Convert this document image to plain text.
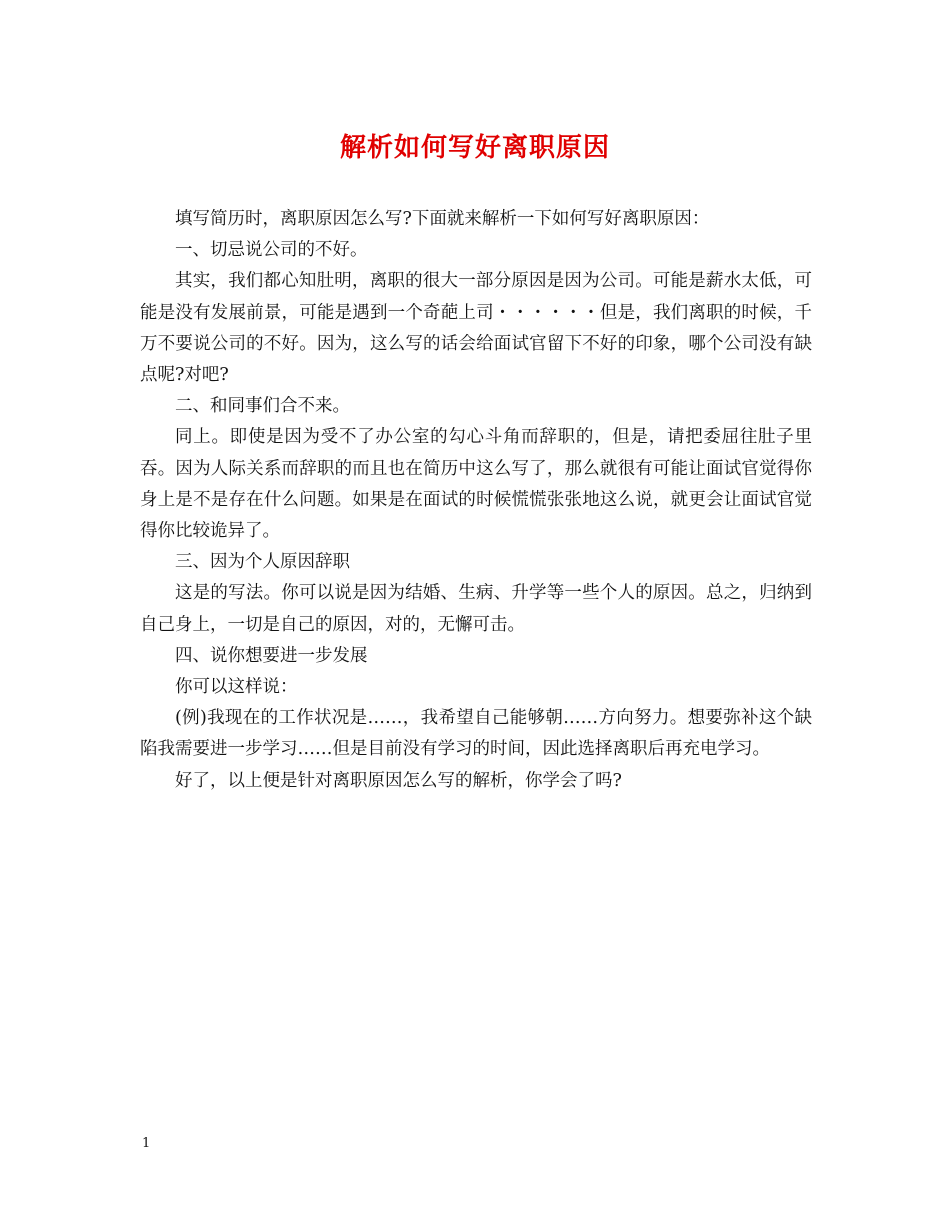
解析如何写好离职原因

填写简历时，离职原因怎么写?下面就来解析一下如何写好离职原因：

一、切忌说公司的不好。

其实，我们都心知肚明，离职的很大一部分原因是因为公司。可能是薪水太低，可能是没有发展前景，可能是遇到一个奇葩上司・・・・・・但是，我们离职的时候，千万不要说公司的不好。因为，这么写的话会给面试官留下不好的印象，哪个公司没有缺点呢?对吧?

二、和同事们合不来。

同上。即使是因为受不了办公室的勾心斗角而辞职的，但是，请把委屈往肚子里吞。因为人际关系而辞职的而且也在简历中这么写了，那么就很有可能让面试官觉得你身上是不是存在什么问题。如果是在面试的时候慌慌张张地这么说，就更会让面试官觉得你比较诡异了。

三、因为个人原因辞职

这是的写法。你可以说是因为结婚、生病、升学等一些个人的原因。总之，归纳到自己身上，一切是自己的原因，对的，无懈可击。

四、说你想要进一步发展

你可以这样说：

(例)我现在的工作状况是……，我希望自己能够朝……方向努力。想要弥补这个缺陷我需要进一步学习……但是目前没有学习的时间，因此选择离职后再充电学习。

好了，以上便是针对离职原因怎么写的解析，你学会了吗?

1
